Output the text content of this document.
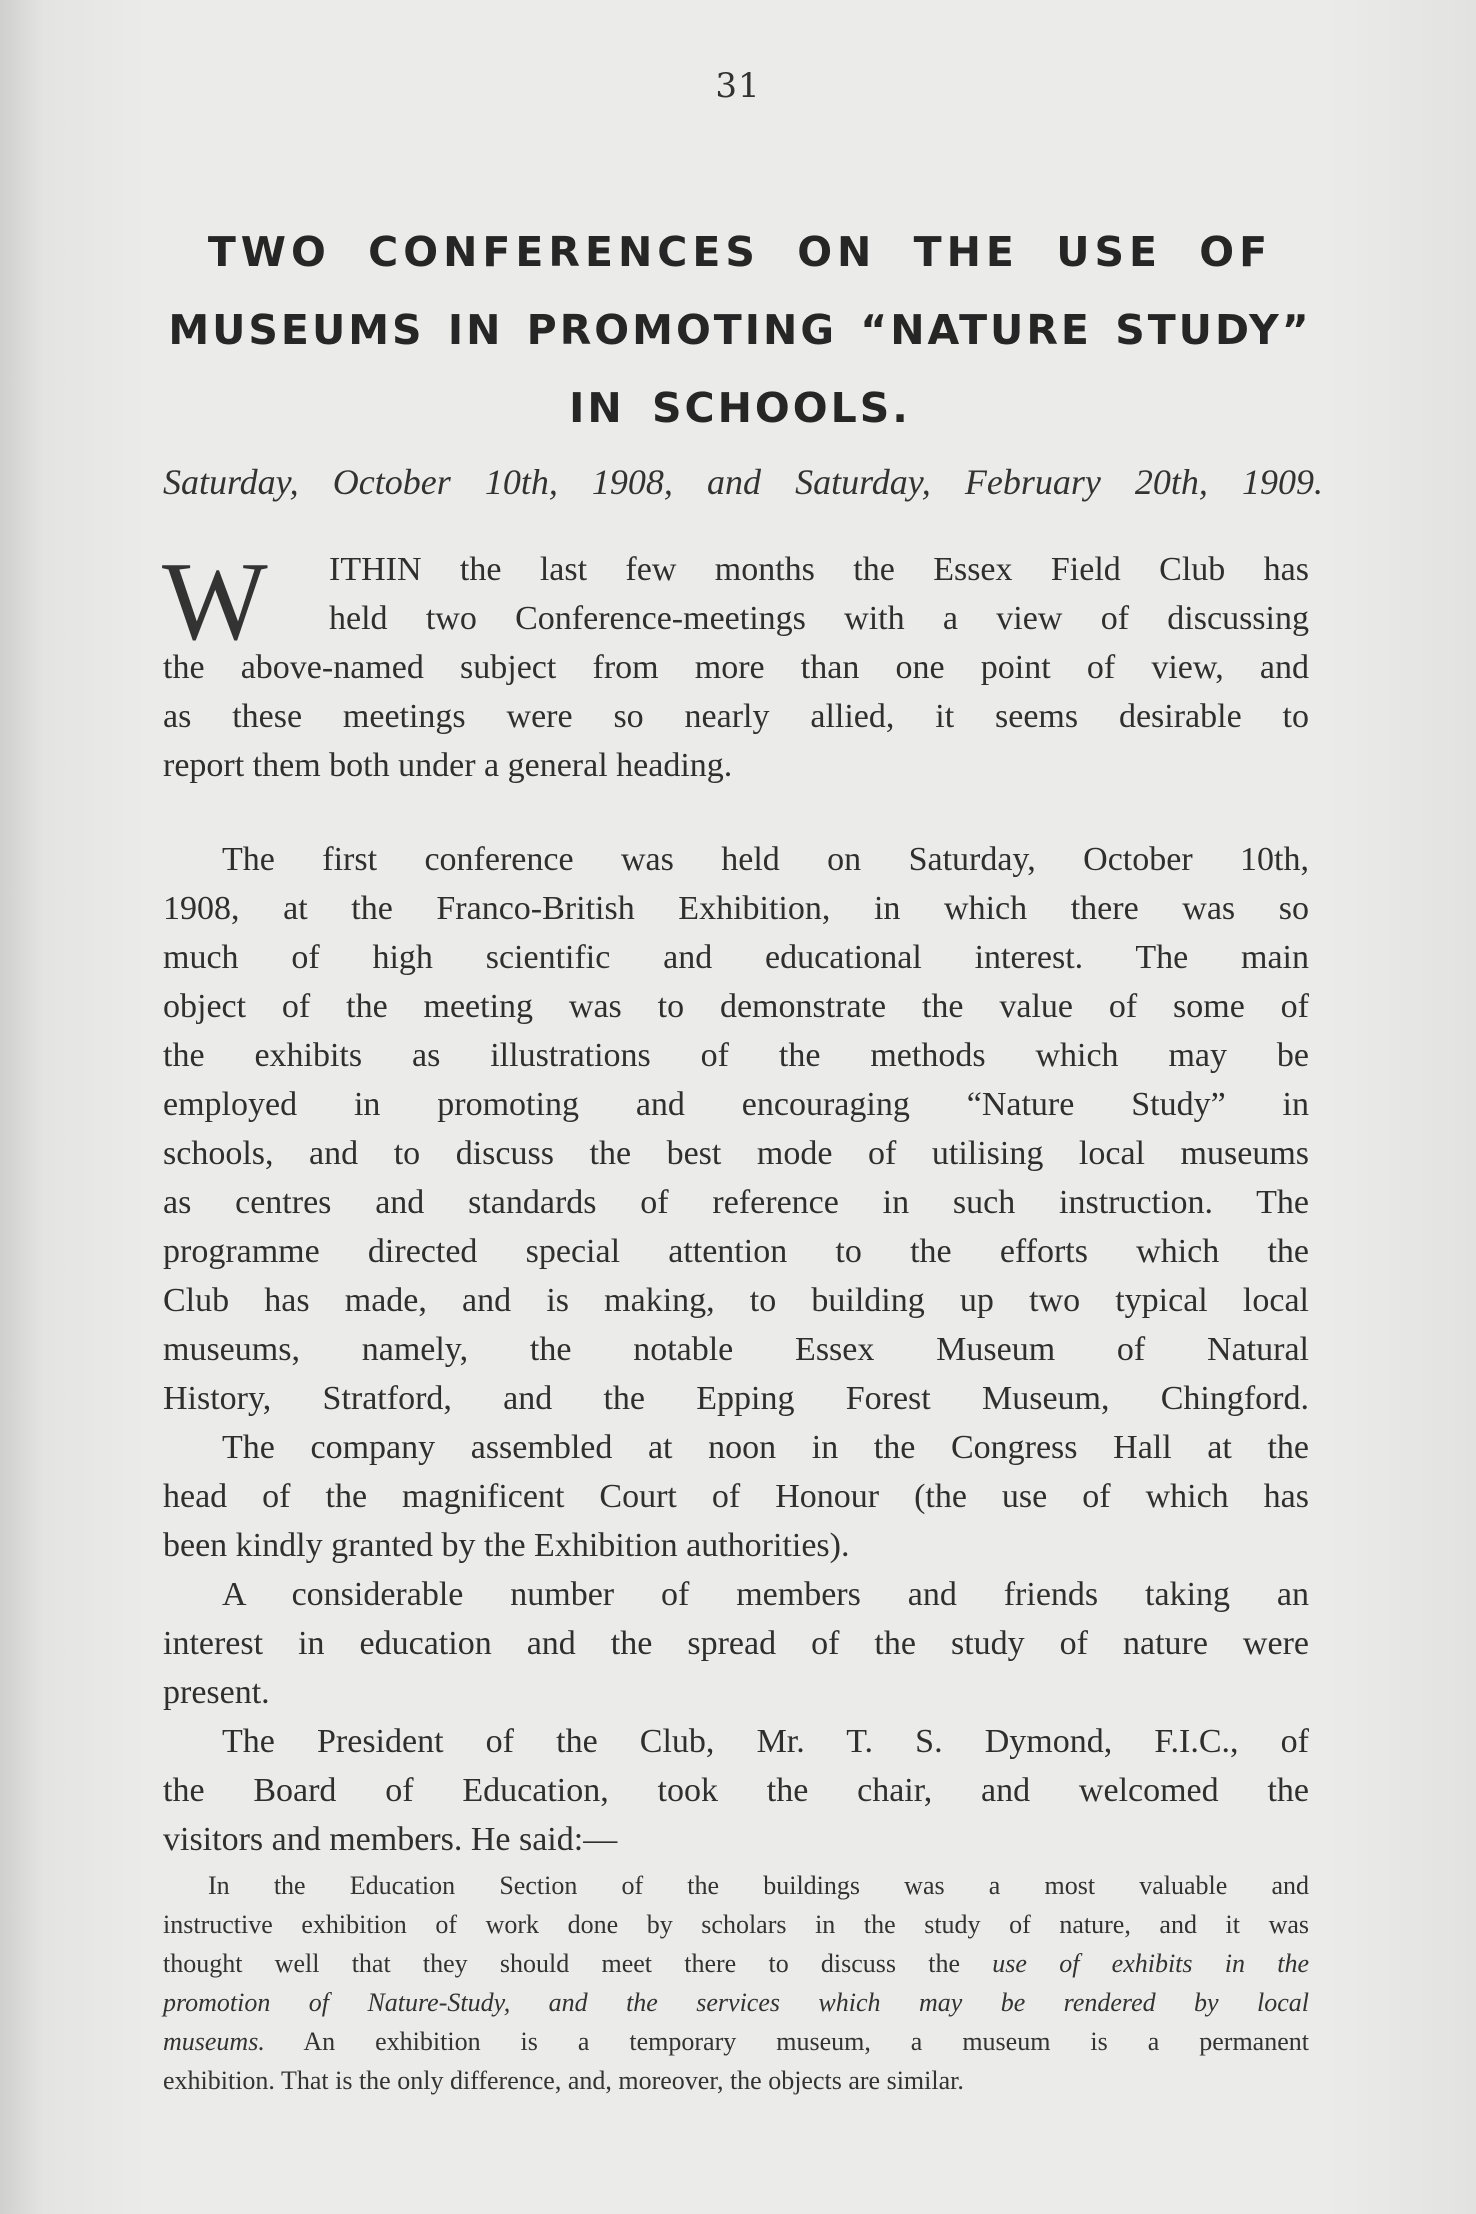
31
TWO CONFERENCES ON THE USE OF
MUSEUMS IN PROMOTING “NATURE STUDY”
IN SCHOOLS.
Saturday, October 10th, 1908, and Saturday, February 20th, 1909.
W ITHIN the last few months the Essex Field Club has

held two Conference-meetings with a view of discussing

the above-named subject from more than one point of view, and

as these meetings were so nearly allied, it seems desirable to

report them both under a general heading.

The first conference was held on Saturday, October 10th,

1908, at the Franco-British Exhibition, in which there was so

much of high scientific and educational interest. The main

object of the meeting was to demonstrate the value of some of

the exhibits as illustrations of the methods which may be

employed in promoting and encouraging “Nature Study” in

schools, and to discuss the best mode of utilising local museums

as centres and standards of reference in such instruction. The

programme directed special attention to the efforts which the

Club has made, and is making, to building up two typical local

museums, namely, the notable Essex Museum of Natural

History, Stratford, and the Epping Forest Museum, Chingford.

The company assembled at noon in the Congress Hall at the

head of the magnificent Court of Honour (the use of which has

been kindly granted by the Exhibition authorities).

A considerable number of members and friends taking an

interest in education and the spread of the study of nature were

present.

The President of the Club, Mr. T. S. Dymond, F.I.C., of

the Board of Education, took the chair, and welcomed the

visitors and members. He said:—

In the Education Section of the buildings was a most valuable and

instructive exhibition of work done by scholars in the study of nature, and it was

thought well that they should meet there to discuss the use of exhibits in the

promotion of Nature-Study, and the services which may be rendered by local

museums. An exhibition is a temporary museum, a museum is a permanent

exhibition. That is the only difference, and, moreover, the objects are similar.
